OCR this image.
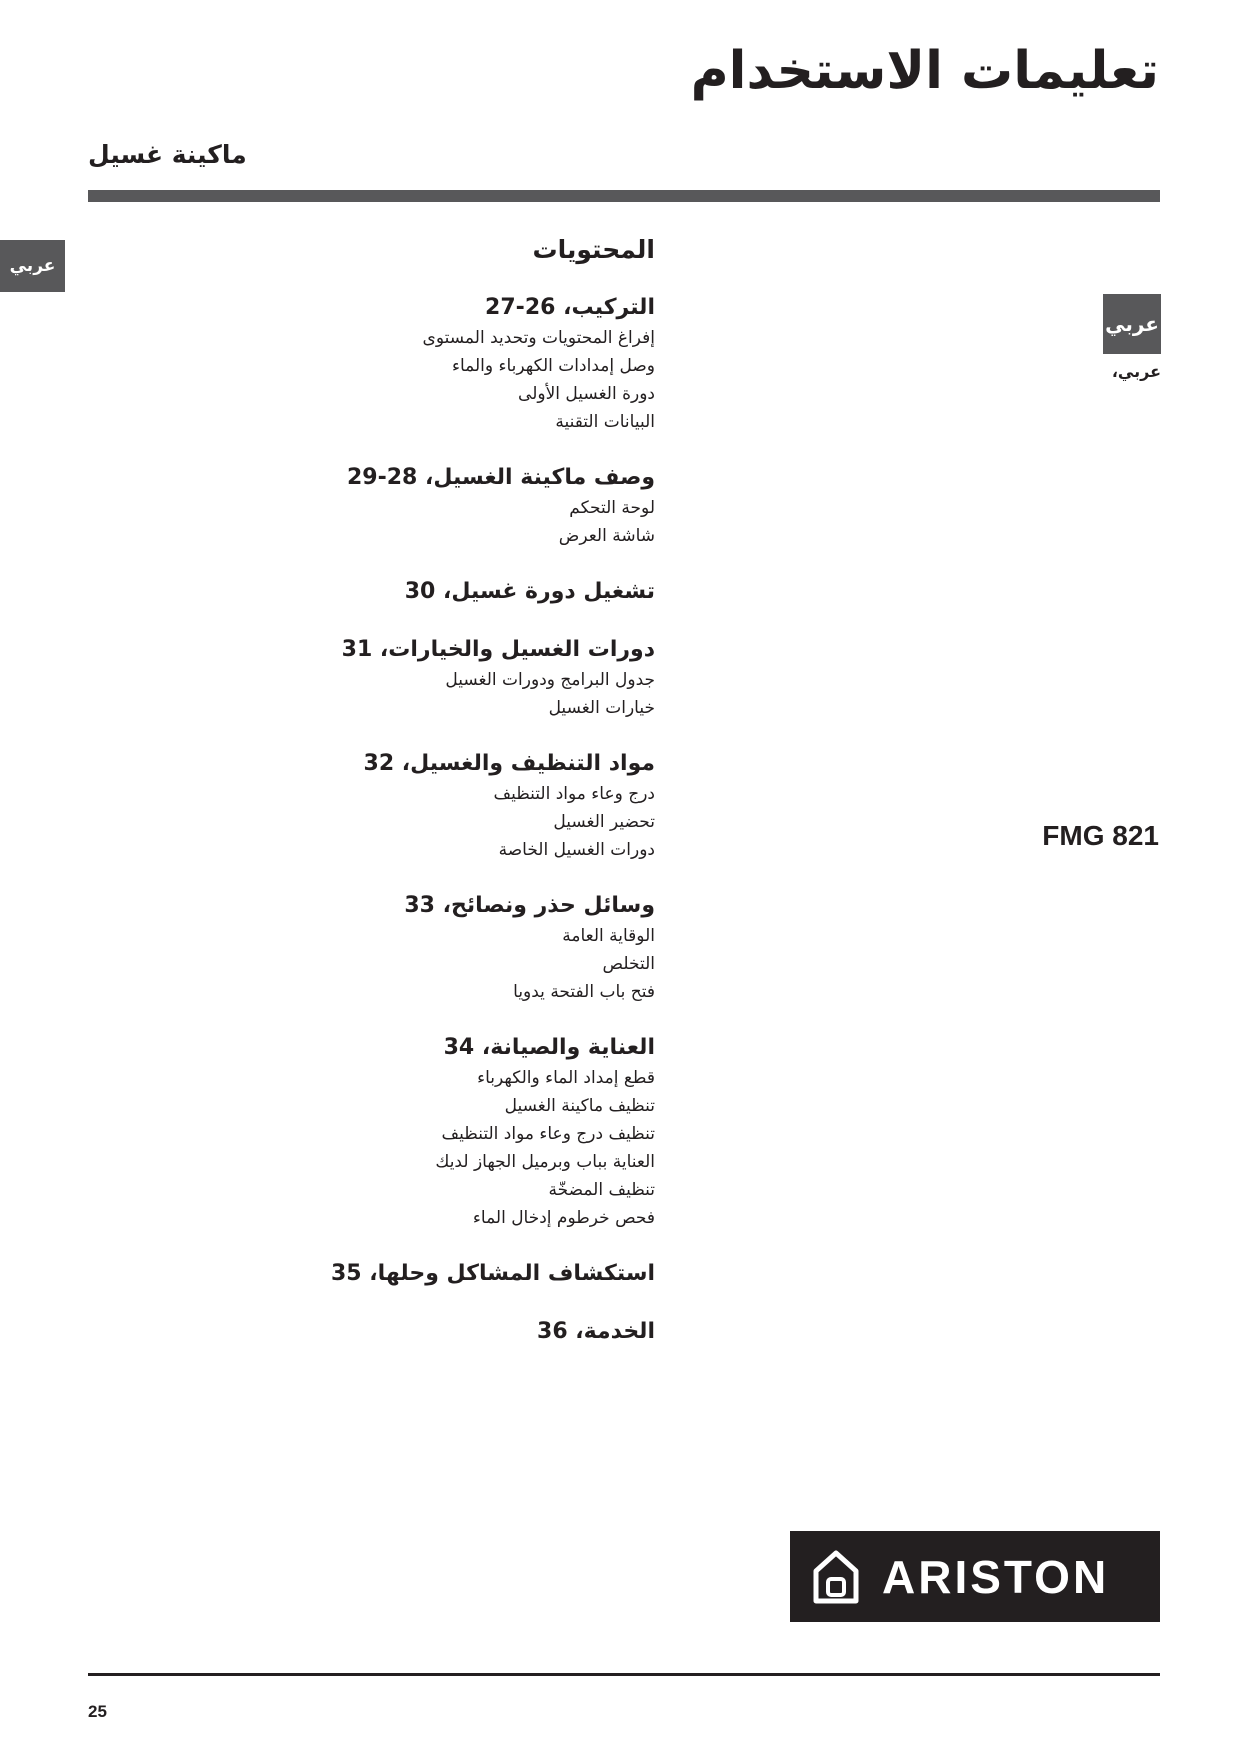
تعليمات الاستخدام
ماكينة غسيل
عربي
عربي

عربي،

FMG 821

المحتويات
التركيب، 26-27
إفراغ المحتويات وتحديد المستوى
وصل إمدادات الكهرباء والماء
دورة الغسيل الأولى
البيانات التقنية
وصف ماكينة الغسيل، 28-29
لوحة التحكم
شاشة العرض
تشغيل دورة غسيل، 30
دورات الغسيل والخيارات، 31
جدول البرامج ودورات الغسيل
خيارات الغسيل
مواد التنظيف والغسيل، 32
درج وعاء مواد التنظيف
تحضير الغسيل
دورات الغسيل الخاصة
وسائل حذر ونصائح، 33
الوقاية العامة
التخلص
فتح باب الفتحة يدويا
العناية والصيانة، 34
قطع إمداد الماء والكهرباء
تنظيف ماكينة الغسيل
تنظيف درج وعاء مواد التنظيف
العناية بباب وبرميل الجهاز لديك
تنظيف المضخّة
فحص خرطوم إدخال الماء
استكشاف المشاكل وحلها، 35
الخدمة، 36
ARISTON

25
